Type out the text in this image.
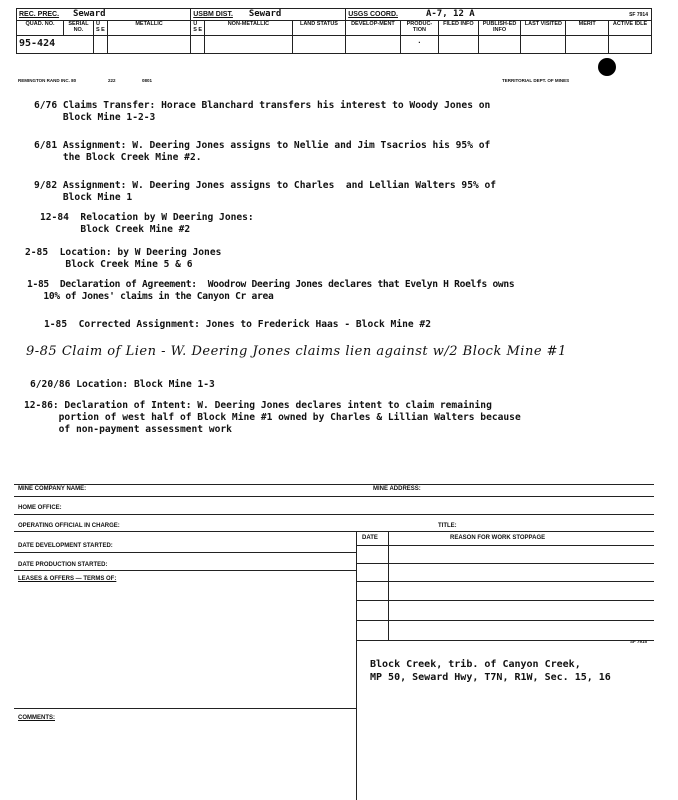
REC. PREC. Seward				USBM DIST. Seward			USGS COORD. A-7, 12 A SF 7914						

QUAD. NO.	SERIAL NO.	U S E	METALLIC	U S E	NON-METALLIC	LAND STATUS	DEVELOP-MENT	PRODUC-TION	FILED INFO	PUBLISH-ED INFO	LAST VISITED	MERIT	ACTIVE IDLE
95-424								.					
REMINGTON RAND INC. 80	222	0801	TERRITORIAL DEPT. OF MINES
6/76 Claims Transfer: Horace Blanchard transfers his interest to Woody Jones on
Block Mine 1-2-3
6/81 Assignment: W. Deering Jones assigns to Nellie and Jim Tsacrios his 95% of
the Block Creek Mine #2.
9/82 Assignment: W. Deering Jones assigns to Charles  and Lellian Walters 95% of
Block Mine 1
12-84  Relocation by W Deering Jones:
Block Creek Mine #2
2-85  Location: by W Deering Jones
Block Creek Mine 5 & 6
1-85  Declaration of Agreement:  Woodrow Deering Jones declares that Evelyn H Roelfs owns
10% of Jones' claims in the Canyon Cr area
1-85  Corrected Assignment: Jones to Frederick Haas - Block Mine #2
9-85 Claim of Lien - W. Deering Jones claims lien against w/2 Block Mine #1
6/20/86 Location: Block Mine 1-3
12-86: Declaration of Intent: W. Deering Jones declares intent to claim remaining
portion of west half of Block Mine #1 owned by Charles & Lillian Walters because
of non-payment assessment work
MINE COMPANY NAME:	MINE ADDRESS:
HOME OFFICE:
OPERATING OFFICIAL IN CHARGE:	TITLE:
DATE	REASON FOR WORK STOPPAGE
DATE DEVELOPMENT STARTED:
DATE PRODUCTION STARTED:
LEASES & OFFERS — TERMS OF:
SF 7915
Block Creek, trib. of Canyon Creek,
MP 50, Seward Hwy, T7N, R1W, Sec. 15, 16
COMMENTS:
